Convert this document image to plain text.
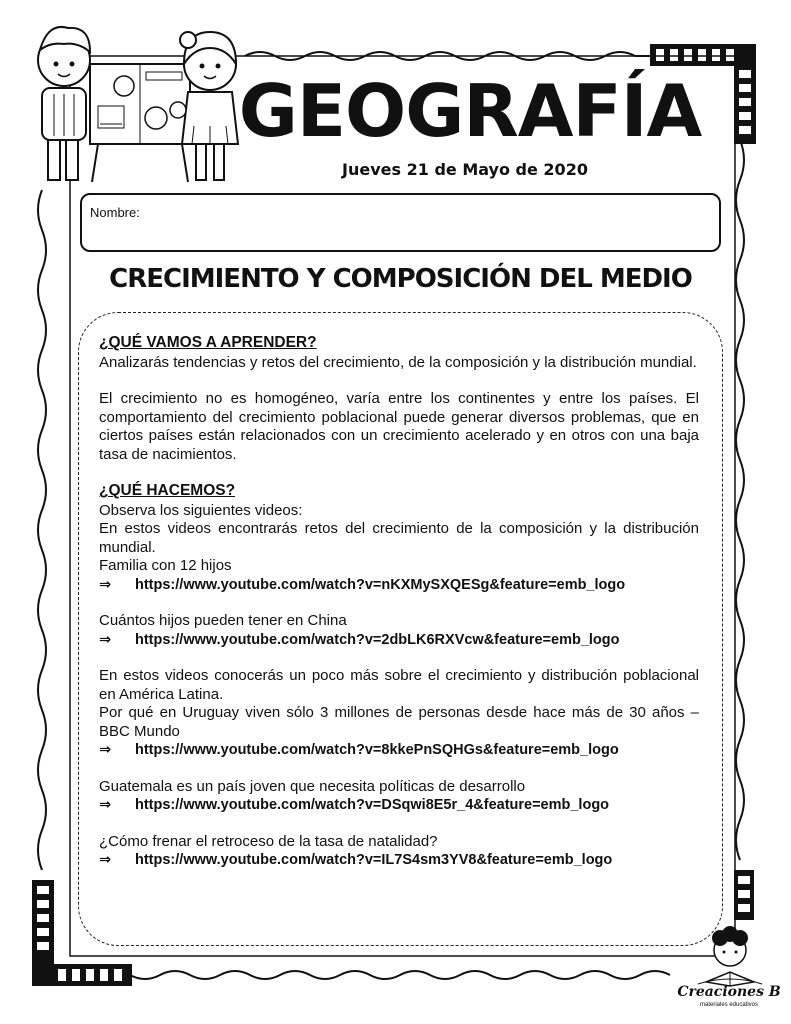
GEOGRAFÍA
Jueves 21 de Mayo de 2020
Nombre:
CRECIMIENTO Y COMPOSICIÓN DEL MEDIO
¿QUÉ VAMOS A APRENDER?

Analizarás tendencias y retos del crecimiento, de la composición y la distribución mundial.

El crecimiento no es homogéneo, varía entre los continentes y entre los países. El comportamiento del crecimiento poblacional puede generar diversos problemas, que en ciertos países están relacionados con un crecimiento acelerado y en otros con una baja tasa de nacimientos.

¿QUÉ HACEMOS?

Observa los siguientes videos:

En estos videos encontrarás retos del crecimiento de la composición y la distribución mundial.

Familia con 12 hijos

⇒	https://www.youtube.com/watch?v=nKXMySXQESg&feature=emb_logo

Cuántos hijos pueden tener en China

⇒	https://www.youtube.com/watch?v=2dbLK6RXVcw&feature=emb_logo

En estos videos conocerás un poco más sobre el crecimiento y distribución poblacional en América Latina.

Por qué en Uruguay viven sólo 3 millones de personas desde hace más de 30 años – BBC Mundo

⇒	https://www.youtube.com/watch?v=8kkePnSQHGs&feature=emb_logo

Guatemala es un país joven que necesita políticas de desarrollo

⇒	https://www.youtube.com/watch?v=DSqwi8E5r_4&feature=emb_logo

¿Cómo frenar el retroceso de la tasa de natalidad?

⇒	https://www.youtube.com/watch?v=IL7S4sm3YV8&feature=emb_logo
Creaciones B
materiales educativos
